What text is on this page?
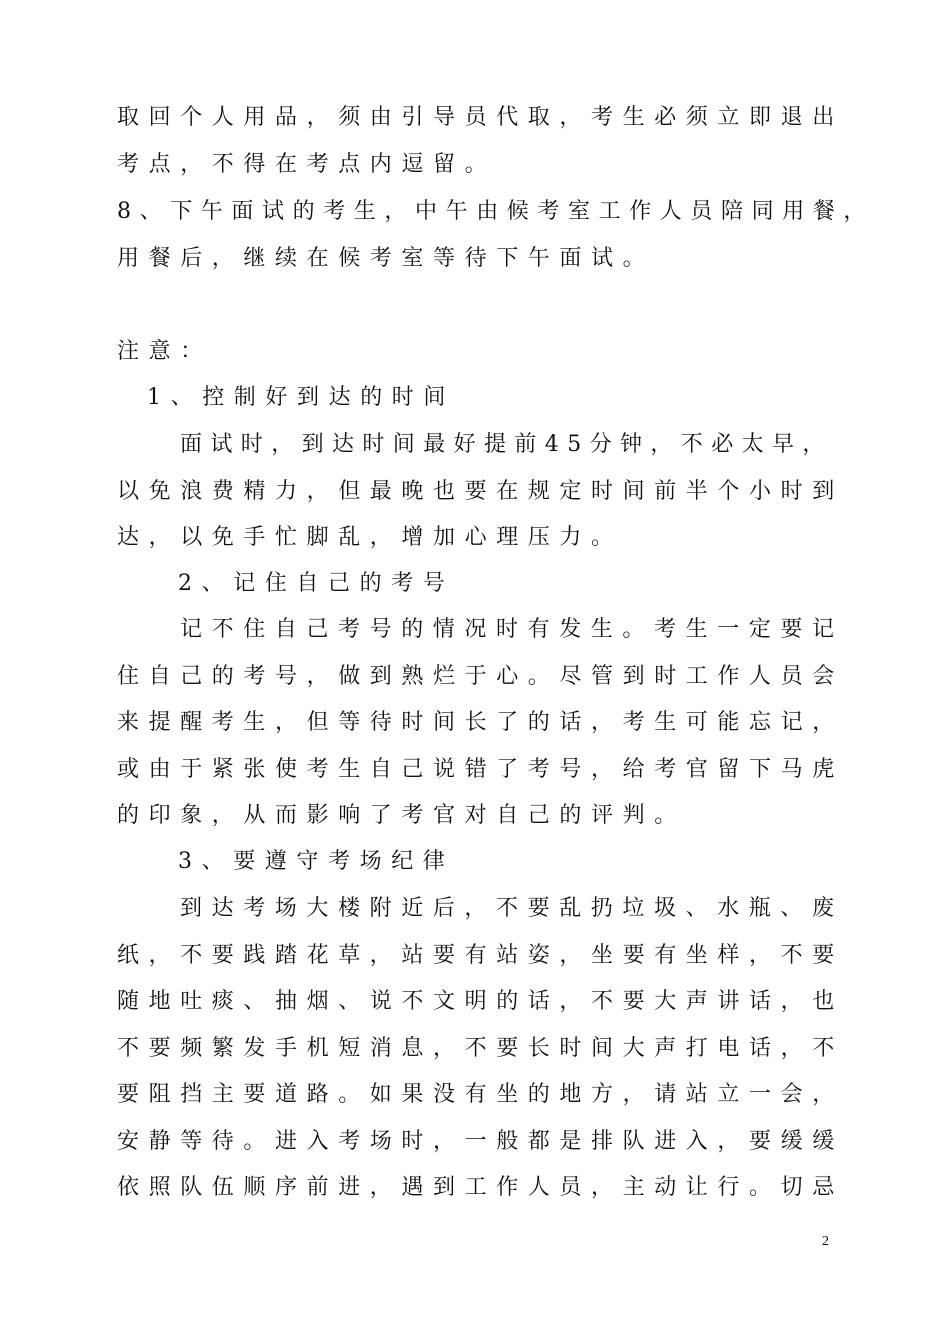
取回个人用品，须由引导员代取，考生必须立即退出
考点，不得在考点内逗留。
8、下午面试的考生，中午由候考室工作人员陪同用餐，
用餐后，继续在候考室等待下午面试。
注意：
1、控制好到达的时间
面试时，到达时间最好提前45分钟，不必太早，
以免浪费精力，但最晚也要在规定时间前半个小时到
达，以免手忙脚乱，增加心理压力。
2、记住自己的考号
记不住自己考号的情况时有发生。考生一定要记
住自己的考号，做到熟烂于心。尽管到时工作人员会
来提醒考生，但等待时间长了的话，考生可能忘记，
或由于紧张使考生自己说错了考号，给考官留下马虎
的印象，从而影响了考官对自己的评判。
3、要遵守考场纪律
到达考场大楼附近后，不要乱扔垃圾、水瓶、废
纸，不要践踏花草，站要有站姿，坐要有坐样，不要
随地吐痰、抽烟、说不文明的话，不要大声讲话，也
不要频繁发手机短消息，不要长时间大声打电话，不
要阻挡主要道路。如果没有坐的地方，请站立一会，
安静等待。进入考场时，一般都是排队进入，要缓缓
依照队伍顺序前进，遇到工作人员，主动让行。切忌
2
